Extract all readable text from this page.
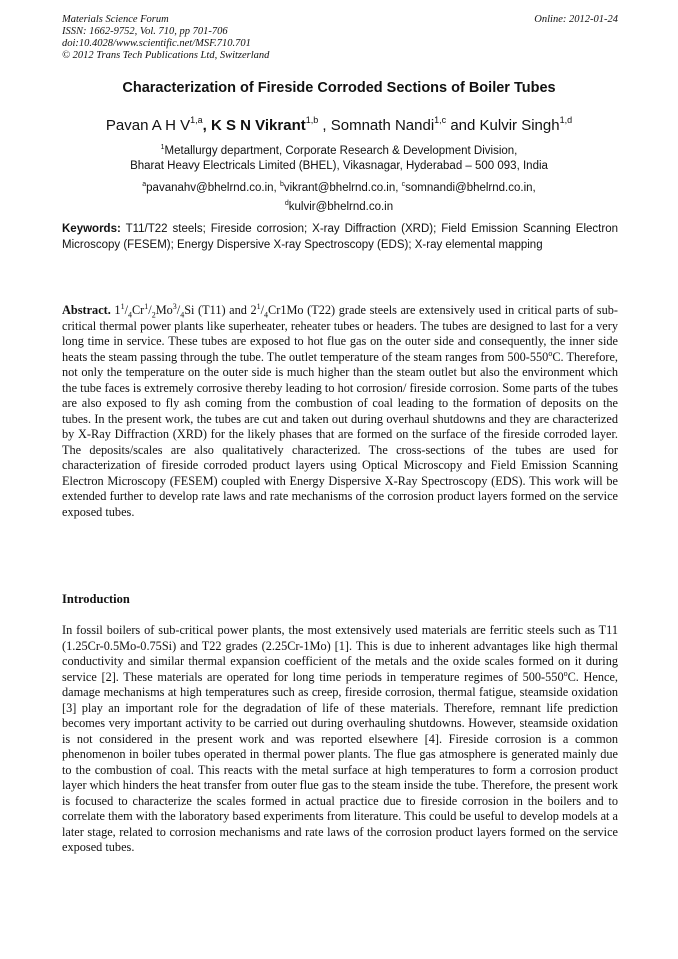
Materials Science Forum
ISSN: 1662-9752, Vol. 710, pp 701-706
doi:10.4028/www.scientific.net/MSF.710.701
© 2012 Trans Tech Publications Ltd, Switzerland
Online: 2012-01-24
Characterization of Fireside Corroded Sections of Boiler Tubes
Pavan A H V$^{1,a}$, K S N Vikrant$^{1,b}$ , Somnath Nandi$^{1,c}$ and Kulvir Singh$^{1,d}$
$^1$Metallurgy department, Corporate Research & Development Division,
Bharat Heavy Electricals Limited (BHEL), Vikasnagar, Hyderabad – 500 093, India
$^a$pavanahv@bhelrnd.co.in, $^b$vikrant@bhelrnd.co.in, $^c$somnandi@bhelrnd.co.in,
$^d$kulvir@bhelrnd.co.in
Keywords: T11/T22 steels; Fireside corrosion; X-ray Diffraction (XRD); Field Emission Scanning Electron Microscopy (FESEM); Energy Dispersive X-ray Spectroscopy (EDS); X-ray elemental mapping
Abstract. $1^1/_4Cr^1/_2Mo^3/_4Si$ (T11) and $2^1/_4Cr1Mo$ (T22) grade steels are extensively used in critical parts of sub-critical thermal power plants like superheater, reheater tubes or headers. The tubes are designed to last for a very long time in service. These tubes are exposed to hot flue gas on the outer side and consequently, the inner side heats the steam passing through the tube. The outlet temperature of the steam ranges from 500-550$^o$C. Therefore, not only the temperature on the outer side is much higher than the steam outlet but also the environment which the tube faces is extremely corrosive thereby leading to hot corrosion/ fireside corrosion. Some parts of the tubes are also exposed to fly ash coming from the combustion of coal leading to the formation of deposits on the tubes. In the present work, the tubes are cut and taken out during overhaul shutdowns and they are characterized by X-Ray Diffraction (XRD) for the likely phases that are formed on the surface of the fireside corroded layer. The deposits/scales are also qualitatively characterized. The cross-sections of the tubes are used for characterization of fireside corroded product layers using Optical Microscopy and Field Emission Scanning Electron Microscopy (FESEM) coupled with Energy Dispersive X-Ray Spectroscopy (EDS). This work will be extended further to develop rate laws and rate mechanisms of the corrosion product layers formed on the service exposed tubes.
Introduction
In fossil boilers of sub-critical power plants, the most extensively used materials are ferritic steels such as T11 (1.25Cr-0.5Mo-0.75Si) and T22 grades (2.25Cr-1Mo) [1]. This is due to inherent advantages like high thermal conductivity and similar thermal expansion coefficient of the metals and the oxide scales formed on it during service [2]. These materials are operated for long time periods in temperature regimes of 500-550$^o$C. Hence, damage mechanisms at high temperatures such as creep, fireside corrosion, thermal fatigue, steamside oxidation [3] play an important role for the degradation of life of these materials. Therefore, remnant life prediction becomes very important activity to be carried out during overhauling shutdowns. However, steamside oxidation is not considered in the present work and was reported elsewhere [4]. Fireside corrosion is a common phenomenon in boiler tubes operated in thermal power plants. The flue gas atmosphere is generated mainly due to the combustion of coal. This reacts with the metal surface at high temperatures to form a corrosion product layer which hinders the heat transfer from outer flue gas to the steam inside the tube. Therefore, the present work is focused to characterize the scales formed in actual practice due to fireside corrosion in the boilers and to correlate them with the laboratory based experiments from literature. This could be useful to develop models at a later stage, related to corrosion mechanisms and rate laws of the corrosion product layers formed on the service exposed tubes.
